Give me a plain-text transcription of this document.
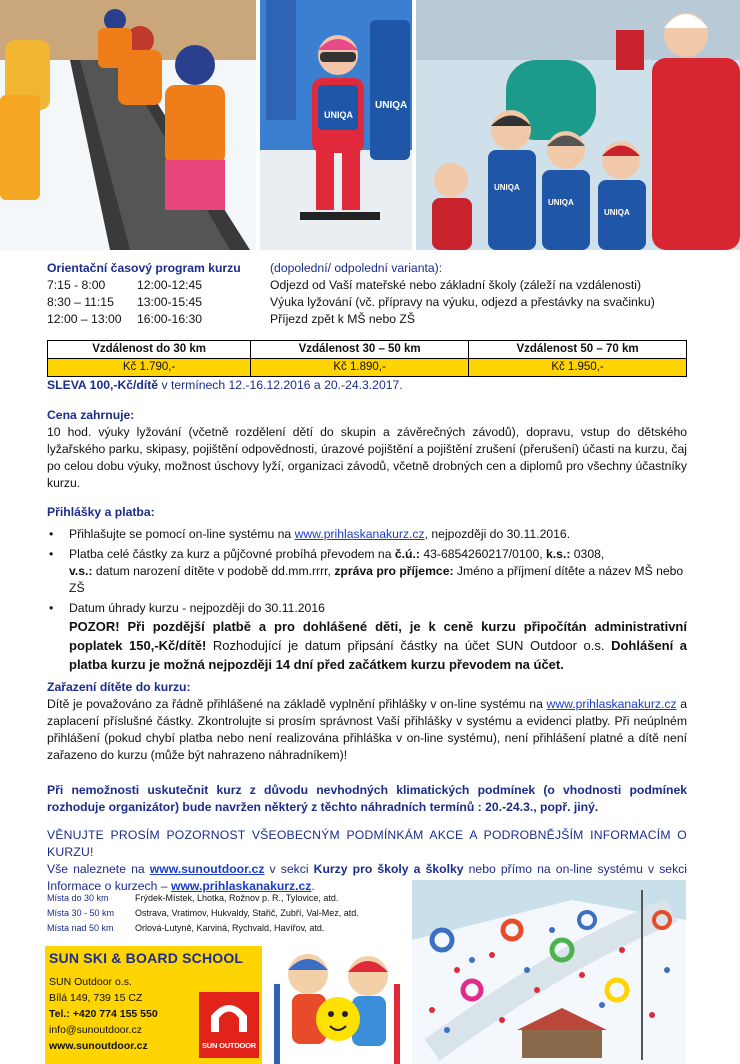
UNIQA
UNIQA
UNIQA
UNIQA
UNIQA
Orientační časový program kurzu (dopolední/ odpolední varianta):
7:15 - 8:00	12:00-12:45	Odjezd od Vaší mateřské nebo základní školy (záleží na vzdálenosti)
8:30 – 11:15	13:00-15:45	Výuka lyžování (vč. přípravy na výuku, odjezd a přestávky na svačinku)
12:00 – 13:00	16:00-16:30	Příjezd zpět k MŠ nebo ZŠ
Vzdálenost do 30 km	Vzdálenost 30 – 50 km	Vzdálenost 50 – 70 km
Kč 1.790,-	Kč 1.890,-	Kč 1.950,-
SLEVA 100,-Kč/dítě v termínech 12.-16.12.2016 a 20.-24.3.2017.
Cena zahrnuje:
10 hod. výuky lyžování (včetně rozdělení dětí do skupin a závěrečných závodů), dopravu, vstup do dětského lyžařského parku, skipasy, pojištění odpovědnosti, úrazové pojištění a pojištění zrušení (přerušení) účasti na kurzu, čaj po celou dobu výuky, možnost úschovy lyží, organizaci závodů, včetně drobných cen a diplomů pro všechny účastníky kurzu.
Přihlášky a platba:
• Přihlašujte se pomocí on-line systému na www.prihlaskanakurz.cz, nejpozději do 30.11.2016.
• Platba celé částky za kurz a půjčovné probíhá převodem na č.ú.: 43-6854260217/0100, k.s.: 0308,
v.s.: datum narození dítěte v podobě dd.mm.rrrr, zpráva pro příjemce: Jméno a příjmení dítěte a název MŠ nebo ZŠ
• Datum úhrady kurzu - nejpozději do 30.11.2016
POZOR! Při pozdější platbě a pro dohlášené děti, je k ceně kurzu připočítán administrativní poplatek 150,-Kč/dítě! Rozhodující je datum připsání částky na účet SUN Outdoor o.s. Dohlášení a platba kurzu je možná nejpozději 14 dní před začátkem kurzu převodem na účet.
Zařazení dítěte do kurzu:
Dítě je považováno za řádně přihlášené na základě vyplnění přihlášky v on-line systému na www.prihlaskanakurz.cz a zaplacení příslušné částky. Zkontrolujte si prosím správnost Vaší přihlášky v systému a evidenci platby. Při neúplném přihlášení (pokud chybí platba nebo není realizována přihláška v on-line systému), není přihlášení platné a dítě není zařazeno do kurzu (může být nahrazeno náhradníkem)!
Při nemožnosti uskutečnit kurz z důvodu nevhodných klimatických podmínek (o vhodnosti podmínek rozhoduje organizátor) bude navržen některý z těchto náhradních termínů : 20.-24.3., popř. jiný.
VĚNUJTE PROSÍM POZORNOST VŠEOBECNÝM PODMÍNKÁM AKCE A PODROBNĚJŠÍM INFORMACÍM O KURZU!
Vše naleznete na www.sunoutdoor.cz v sekci Kurzy pro školy a školky nebo přímo na on-line systému v sekci Informace o kurzech – www.prihlaskanakurz.cz.
Místa do 30 km	Frýdek-Místek, Lhotka, Rožnov p. R., Tylovice, atd.
Místa 30 - 50 km Ostrava, Vratimov, Hukvaldy, Stařič, Zubří, Val-Mez, atd.
Místa nad 50 km Orlová-Lutyně, Karviná, Rychvald, Havířov, atd.
SUN SKI & BOARD SCHOOL
SUN Outdoor o.s.
Bílá 149, 739 15 CZ
Tel.: +420 774 155 550
info@sunoutdoor.cz
www.sunoutdoor.cz	SUN OUTDOOR
